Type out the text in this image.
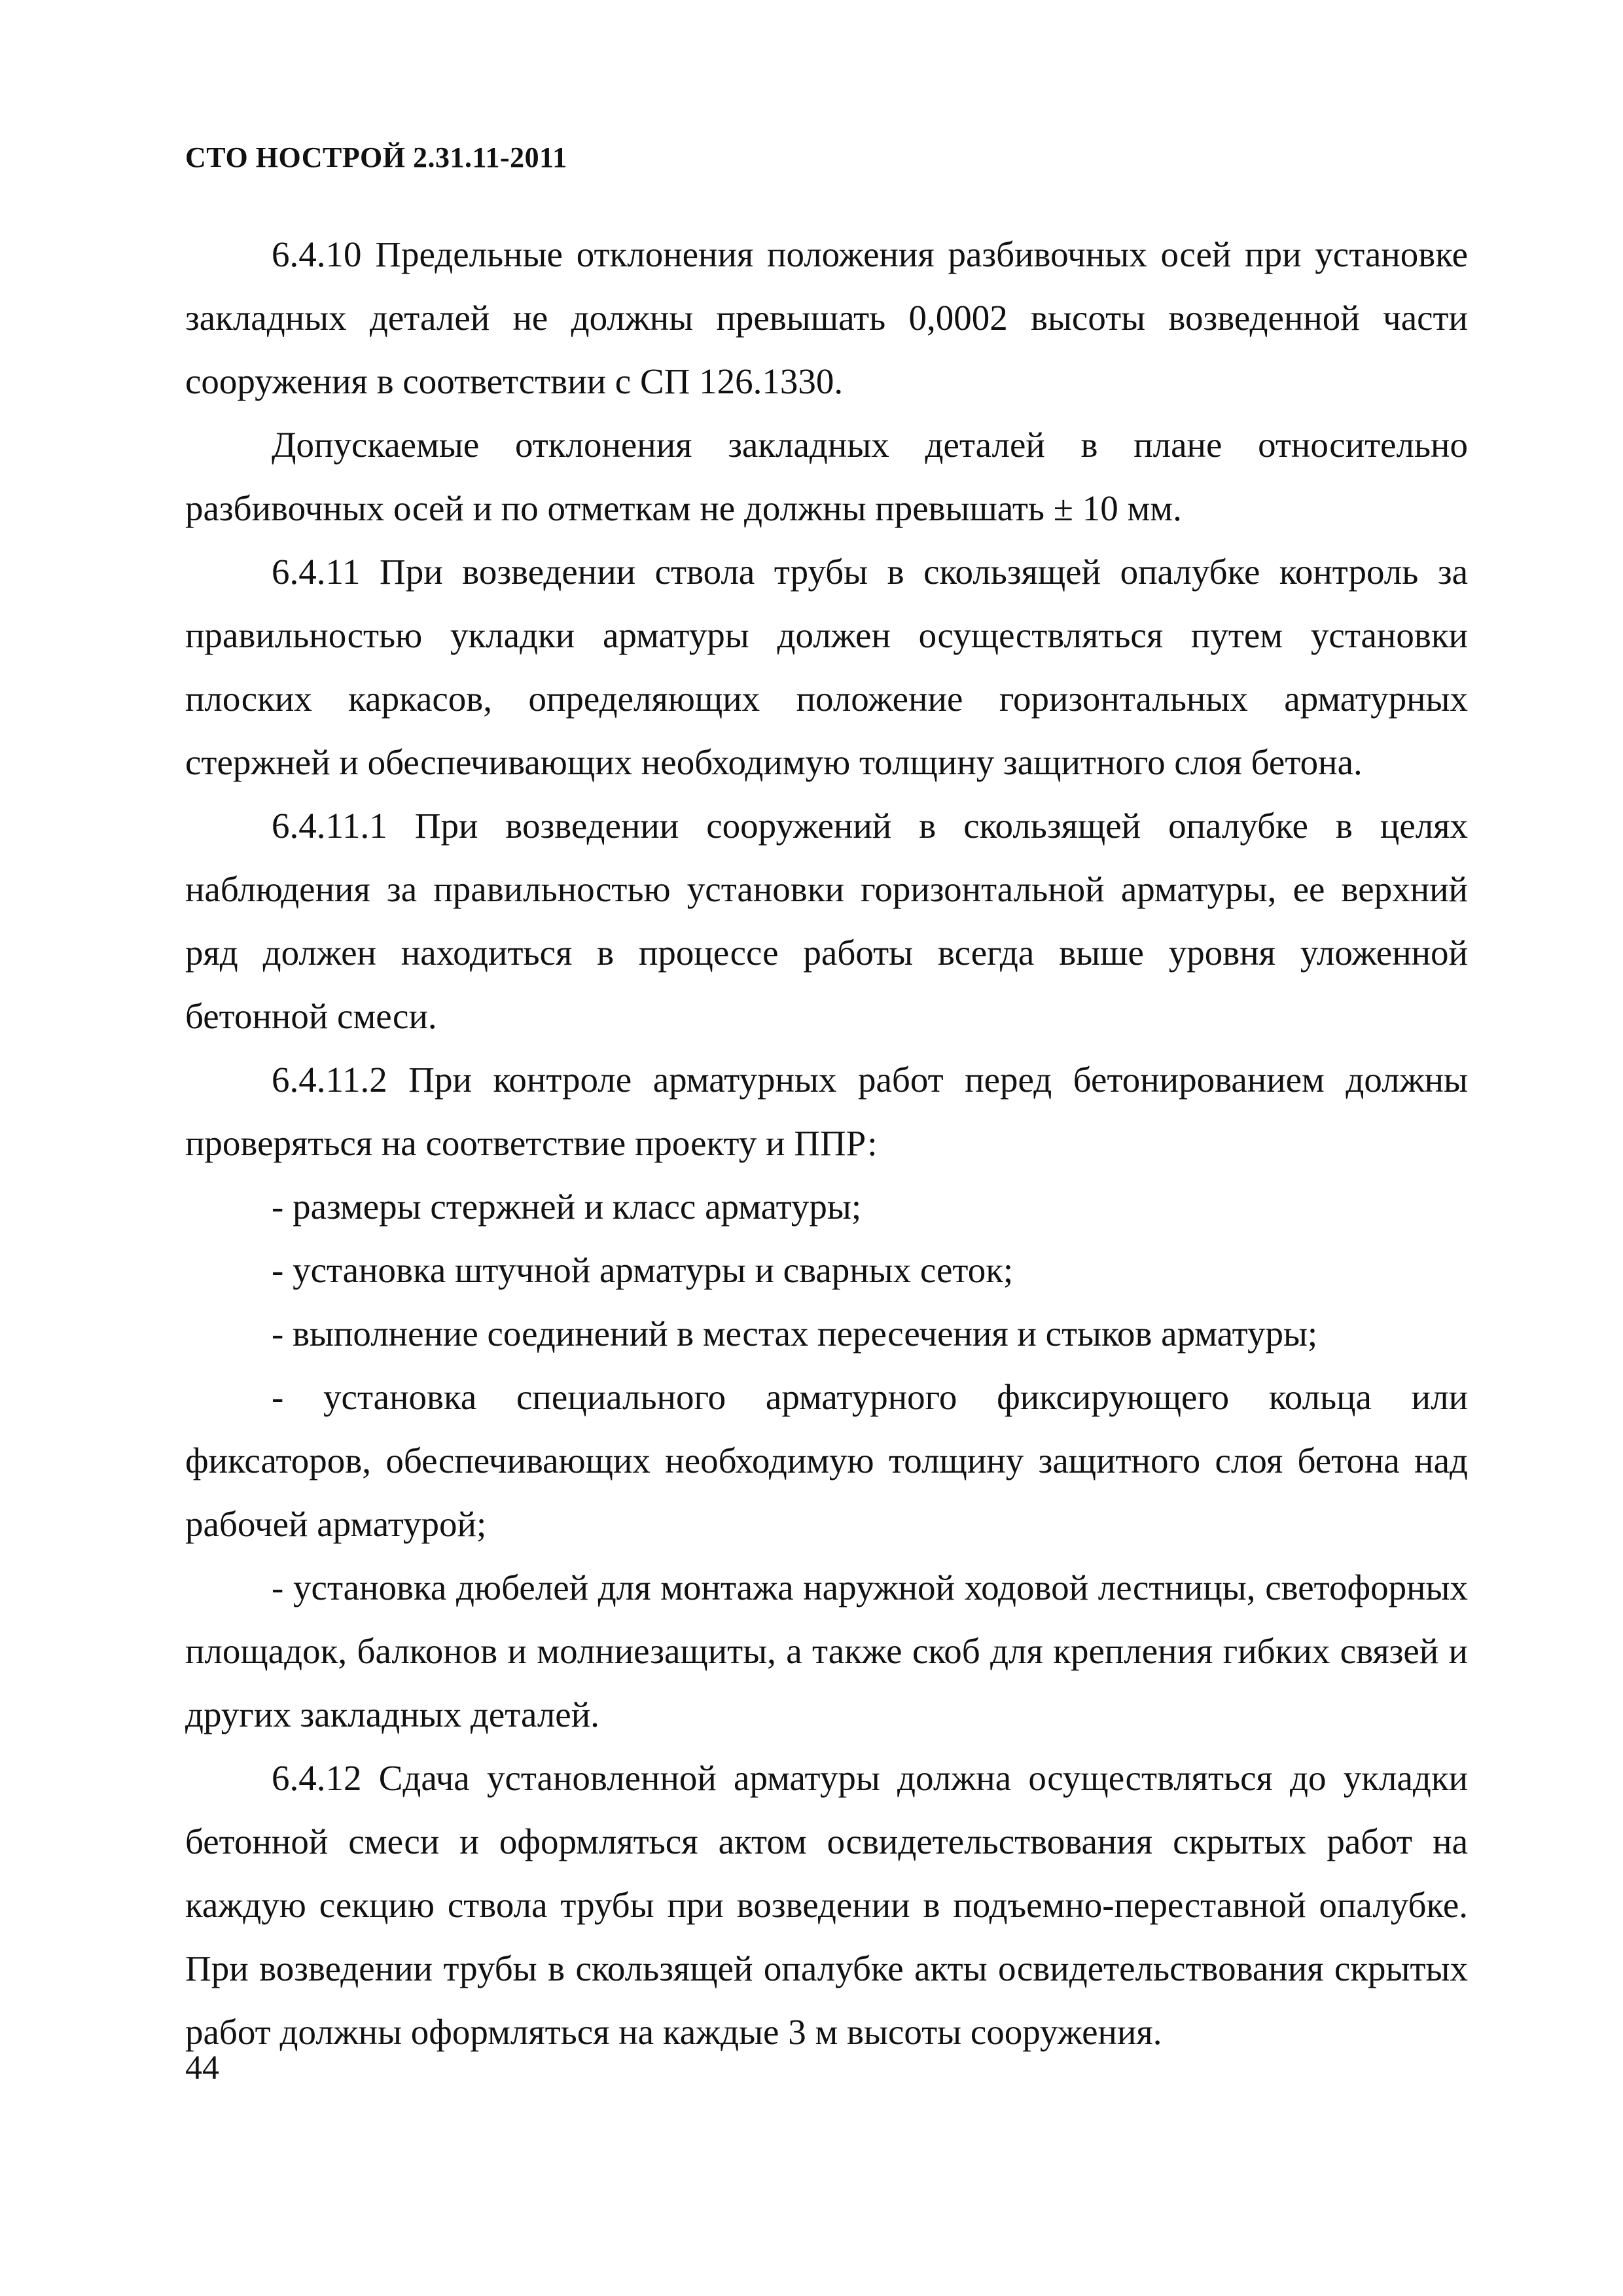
СТО НОСТРОЙ 2.31.11-2011

6.4.10 Предельные отклонения положения разбивочных осей при установке закладных деталей не должны превышать 0,0002 высоты возведенной части сооружения в соответствии с СП 126.1330.

Допускаемые отклонения закладных деталей в плане относительно разбивочных осей и по отметкам не должны превышать ± 10 мм.

6.4.11 При возведении ствола трубы в скользящей опалубке контроль за правильностью укладки арматуры должен осуществляться путем установки плоских каркасов, определяющих положение горизонтальных арматурных стержней и обеспечивающих необходимую толщину защитного слоя бетона.

6.4.11.1 При возведении сооружений в скользящей опалубке в целях наблюдения за правильностью установки горизонтальной арматуры, ее верхний ряд должен находиться в процессе работы всегда выше уровня уложенной бетонной смеси.

6.4.11.2 При контроле арматурных работ перед бетонированием должны проверяться на соответствие проекту и ППР:

- размеры стержней и класс арматуры;

- установка штучной арматуры и сварных сеток;

- выполнение соединений в местах пересечения и стыков арматуры;

- установка специального арматурного фиксирующего кольца или фиксаторов, обеспечивающих необходимую толщину защитного слоя бетона над рабочей арматурой;

- установка дюбелей для монтажа наружной ходовой лестницы, светофорных площадок, балконов и молниезащиты, а также скоб для крепления гибких связей и других закладных деталей.

6.4.12 Сдача установленной арматуры должна осуществляться до укладки бетонной смеси и оформляться актом освидетельствования скрытых работ на каждую секцию ствола трубы при возведении в подъемно-переставной опалубке. При возведении трубы в скользящей опалубке акты освидетельствования скрытых работ должны оформляться на каждые 3 м высоты сооружения.

44
